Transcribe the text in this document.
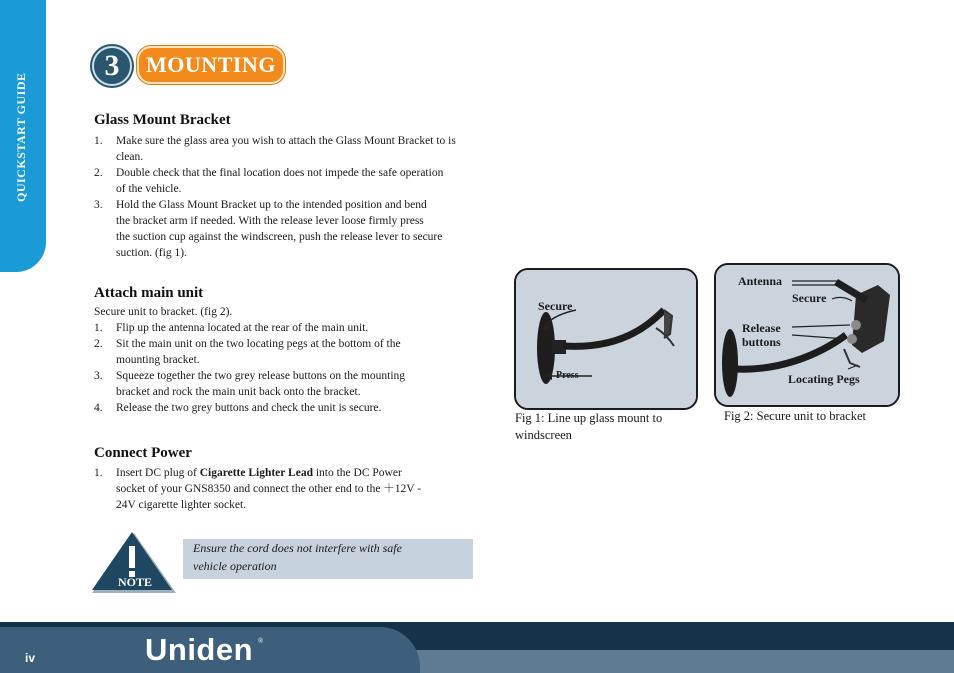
QUICKSTART GUIDE
3	MOUNTING
Glass Mount Bracket
1. Make sure the glass area you wish to attach the Glass Mount Bracket to is
clean.
2. Double check that the final location does not impede the safe operation
of the vehicle.
3. Hold the Glass Mount Bracket up to the intended position and bend
the bracket arm if needed. With the release lever loose firmly press
the suction cup against the windscreen, push the release lever to secure
suction. (fig 1).
Attach main unit
Secure unit to bracket. (fig 2).
1. Flip up the antenna located at the rear of the main unit.
2. Sit the main unit on the two locating pegs at the bottom of the
mounting bracket.
3. Squeeze together the two grey release buttons on the mounting
bracket and rock the main unit back onto the bracket.
4. Release the two grey buttons and check the unit is secure.
Connect Power
1. Insert DC plug of Cigarette Lighter Lead into the DC Power
socket of your GNS8350 and connect the other end to the ＋12V -
24V cigarette lighter socket.
NOTE
Ensure the cord does not interfere with safe
vehicle operation
Secure
Press
Fig 1: Line up glass mount to
windscreen
Antenna
Secure
Release
buttons
Locating Pegs
Fig 2: Secure unit to bracket
iv	Uniden ®
